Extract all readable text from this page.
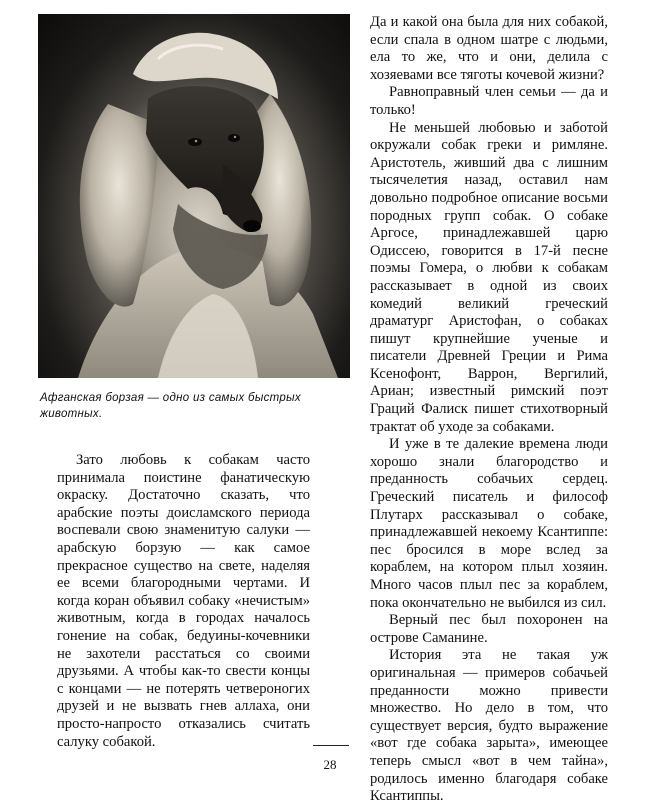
Афганская борзая — одно из самых быстрых животных.

Зато любовь к собакам часто принимала поистине фанатическую окраску. Достаточно сказать, что арабские поэты доисламского периода воспевали свою знаменитую салуки — арабскую борзую — как самое прекрасное существо на свете, наделяя ее всеми благородными чертами. И когда коран объявил собаку «нечистым» животным, когда в городах началось гонение на собак, бедуины-кочевники не захотели расстаться со своими друзьями. А чтобы как-то свести концы с концами — не потерять четвероногих друзей и не вызвать гнев аллаха, они просто-напросто отказались считать салуку собакой.

Да и какой она была для них собакой, если спала в одном шатре с людьми, ела то же, что и они, делила с хозяевами все тяготы кочевой жизни?

Равноправный член семьи — да и только!

Не меньшей любовью и заботой окружали собак греки и римляне. Аристотель, живший два с лишним тысячелетия назад, оставил нам довольно подробное описание восьми породных групп собак. О собаке Аргосе, принадлежавшей царю Одиссею, говорится в 17-й песне поэмы Гомера, о любви к собакам рассказывает в одной из своих комедий великий греческий драматург Аристофан, о собаках пишут крупнейшие ученые и писатели Древней Греции и Рима Ксенофонт, Варрон, Вергилий, Ариан; известный римский поэт Граций Фалиск пишет стихотворный трактат об уходе за собаками.

И уже в те далекие времена люди хорошо знали благородство и преданность собачьих сердец. Греческий писатель и философ Плутарх рассказывал о собаке, принадлежавшей некоему Ксантиппе: пес бросился в море вслед за кораблем, на котором плыл хозяин. Много часов плыл пес за кораблем, пока окончательно не выбился из сил.

Верный пес был похоронен на острове Саманине.

История эта не такая уж оригинальная — примеров собачьей преданности можно привести множество. Но дело в том, что существует версия, будто выражение «вот где собака зарыта», имеющее теперь смысл «вот в чем тайна», родилось именно благодаря собаке Ксантиппы.

28
